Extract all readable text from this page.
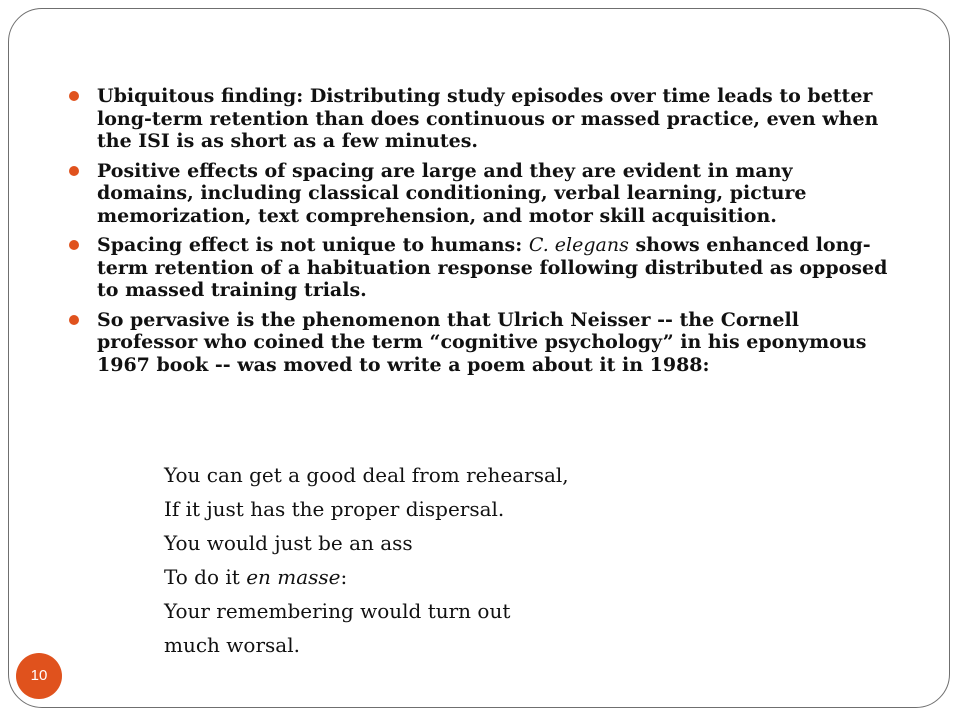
Ubiquitous finding: Distributing study episodes over time leads to better long-term retention than does continuous or massed practice, even when the ISI is as short as a few minutes.
Positive effects of spacing are large and they are evident in many domains, including classical conditioning, verbal learning, picture memorization, text comprehension, and motor skill acquisition.
Spacing effect is not unique to humans: C. elegans shows enhanced long-term retention of a habituation response following distributed as opposed to massed training trials.
So pervasive is the phenomenon that Ulrich Neisser -- the Cornell professor who coined the term “cognitive psychology” in his eponymous 1967 book -- was moved to write a poem about it in 1988:
You can get a good deal from rehearsal,
If it just has the proper dispersal.
You would just be an ass
To do it en masse:
Your remembering would turn out
much worsal.
10
